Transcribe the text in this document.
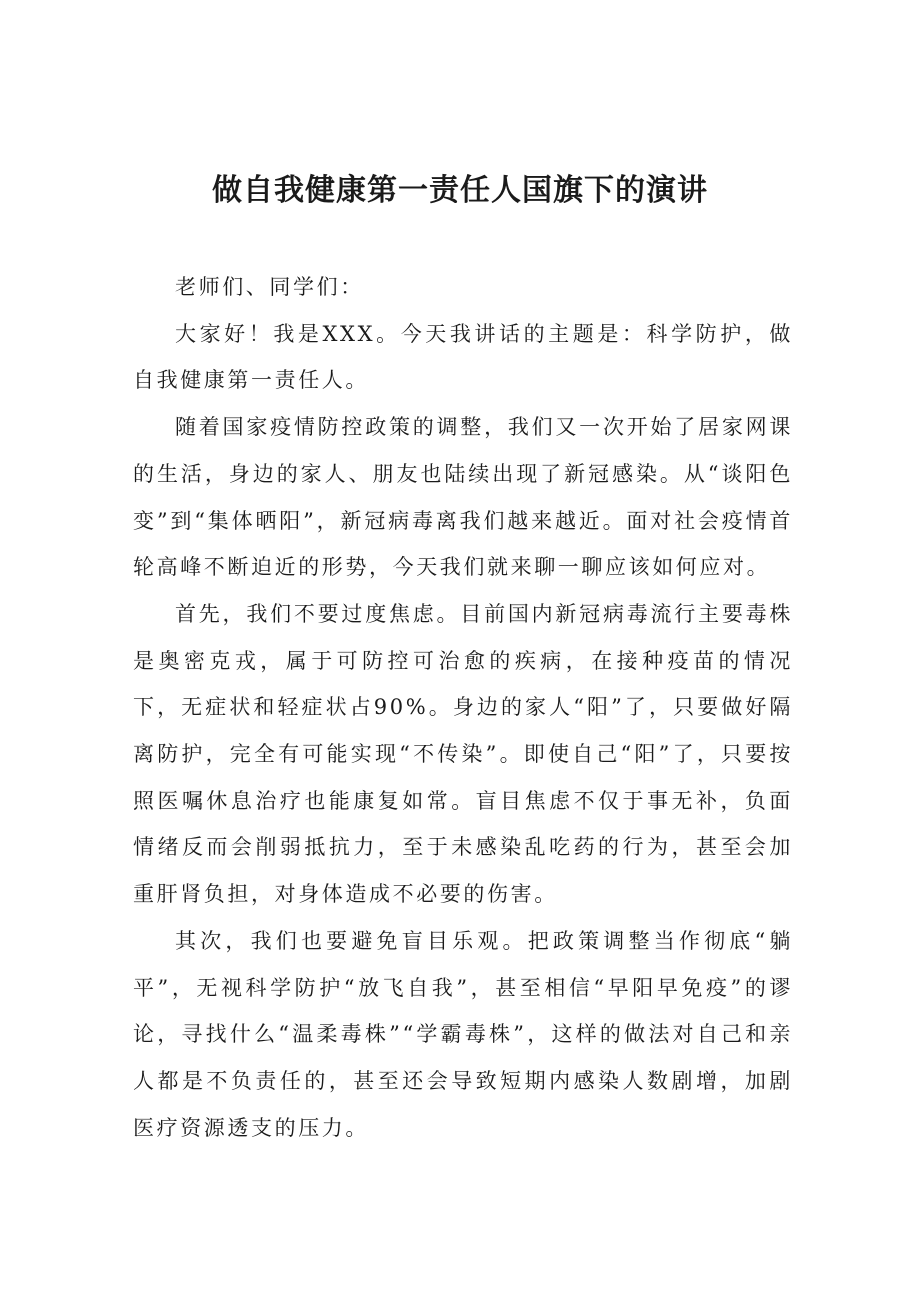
做自我健康第一责任人国旗下的演讲

老师们、同学们：

大家好！我是XXX。今天我讲话的主题是：科学防护，做自我健康第一责任人。

随着国家疫情防控政策的调整，我们又一次开始了居家网课的生活，身边的家人、朋友也陆续出现了新冠感染。从“谈阳色变”到“集体晒阳”，新冠病毒离我们越来越近。面对社会疫情首轮高峰不断迫近的形势，今天我们就来聊一聊应该如何应对。

首先，我们不要过度焦虑。目前国内新冠病毒流行主要毒株是奥密克戎，属于可防控可治愈的疾病，在接种疫苗的情况下，无症状和轻症状占90%。身边的家人“阳”了，只要做好隔离防护，完全有可能实现“不传染”。即使自己“阳”了，只要按照医嘱休息治疗也能康复如常。盲目焦虑不仅于事无补，负面情绪反而会削弱抵抗力，至于未感染乱吃药的行为，甚至会加重肝肾负担，对身体造成不必要的伤害。

其次，我们也要避免盲目乐观。把政策调整当作彻底“躺平”，无视科学防护“放飞自我”，甚至相信“早阳早免疫”的谬论，寻找什么“温柔毒株”“学霸毒株”，这样的做法对自己和亲人都是不负责任的，甚至还会导致短期内感染人数剧增，加剧医疗资源透支的压力。
